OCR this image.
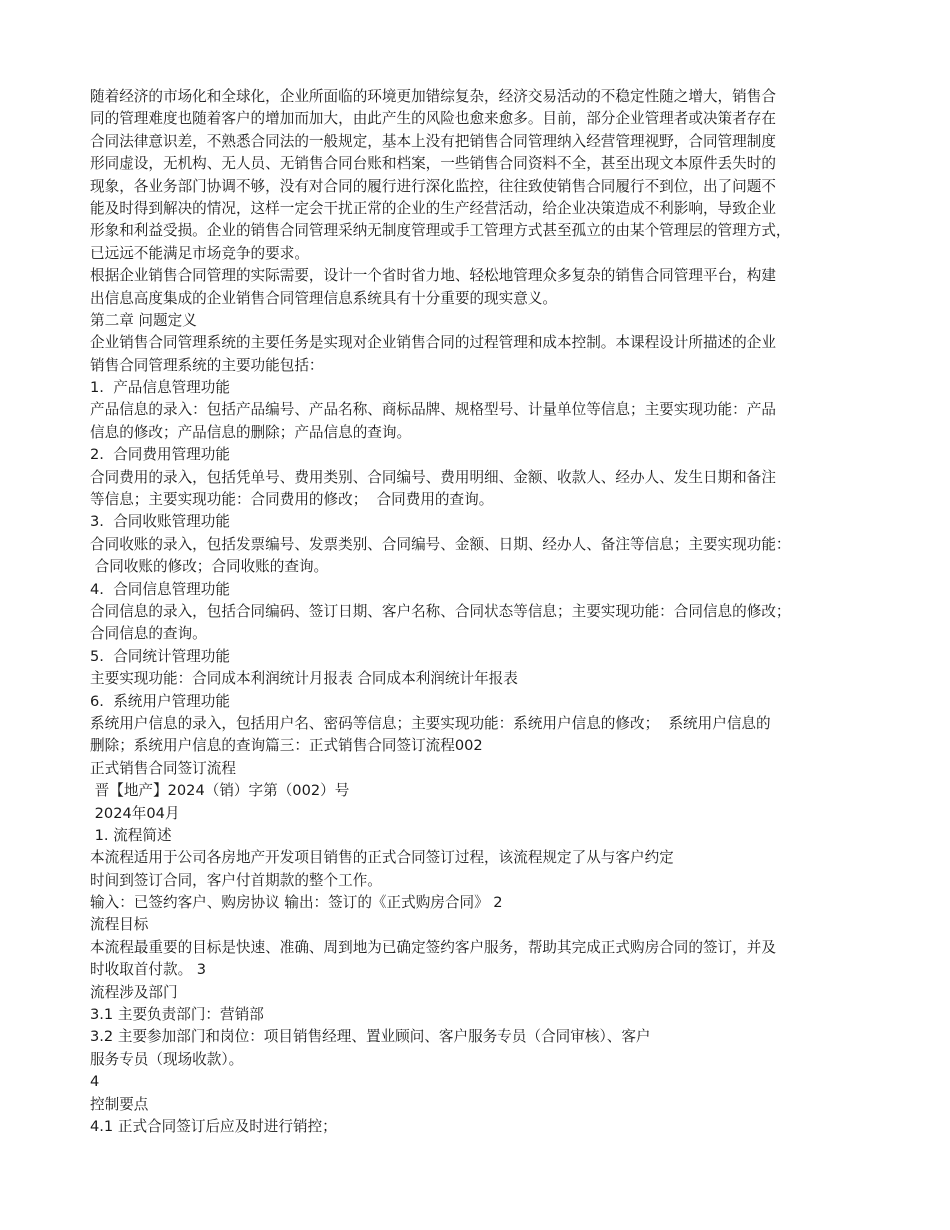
随着经济的市场化和全球化，企业所面临的环境更加错综复杂，经济交易活动的不稳定性随之增大，销售合
同的管理难度也随着客户的增加而加大，由此产生的风险也愈来愈多。目前，部分企业管理者或决策者存在
合同法律意识差，不熟悉合同法的一般规定，基本上没有把销售合同管理纳入经营管理视野，合同管理制度
形同虚设，无机构、无人员、无销售合同台账和档案，一些销售合同资料不全，甚至出现文本原件丢失时的
现象，各业务部门协调不够，没有对合同的履行进行深化监控，往往致使销售合同履行不到位，出了问题不
能及时得到解决的情况，这样一定会干扰正常的企业的生产经营活动，给企业决策造成不利影响，导致企业
形象和利益受损。企业的销售合同管理采纳无制度管理或手工管理方式甚至孤立的由某个管理层的管理方式，
已远远不能满足市场竞争的要求。
根据企业销售合同管理的实际需要，设计一个省时省力地、轻松地管理众多复杂的销售合同管理平台，构建
出信息高度集成的企业销售合同管理信息系统具有十分重要的现实意义。
第二章 问题定义
企业销售合同管理系统的主要任务是实现对企业销售合同的过程管理和成本控制。本课程设计所描述的企业
销售合同管理系统的主要功能包括：
1.  产品信息管理功能
产品信息的录入：包括产品编号、产品名称、商标品牌、规格型号、计量单位等信息；主要实现功能：产品
信息的修改；产品信息的删除；产品信息的查询。
2.  合同费用管理功能
合同费用的录入，包括凭单号、费用类别、合同编号、费用明细、金额、收款人、经办人、发生日期和备注
等信息；主要实现功能：合同费用的修改；  合同费用的查询。
3.  合同收账管理功能
合同收账的录入，包括发票编号、发票类别、合同编号、金额、日期、经办人、备注等信息；主要实现功能：
合同收账的修改；合同收账的查询。
4.  合同信息管理功能
合同信息的录入，包括合同编码、签订日期、客户名称、合同状态等信息；主要实现功能：合同信息的修改；
合同信息的查询。
5.  合同统计管理功能
主要实现功能：合同成本利润统计月报表 合同成本利润统计年报表
6.  系统用户管理功能
系统用户信息的录入，包括用户名、密码等信息；主要实现功能：系统用户信息的修改；  系统用户信息的
删除；系统用户信息的查询篇三：正式销售合同签订流程002
正式销售合同签订流程
晋【地产】2024（销）字第（002）号
2024年04月
1. 流程简述
本流程适用于公司各房地产开发项目销售的正式合同签订过程，该流程规定了从与客户约定
时间到签订合同，客户付首期款的整个工作。
输入：已签约客户、购房协议 输出：签订的《正式购房合同》 2
流程目标
本流程最重要的目标是快速、准确、周到地为已确定签约客户服务，帮助其完成正式购房合同的签订，并及
时收取首付款。 3
流程涉及部门
3.1 主要负责部门：营销部
3.2 主要参加部门和岗位：项目销售经理、置业顾问、客户服务专员（合同审核）、客户
服务专员（现场收款）。
4
控制要点
4.1 正式合同签订后应及时进行销控；
